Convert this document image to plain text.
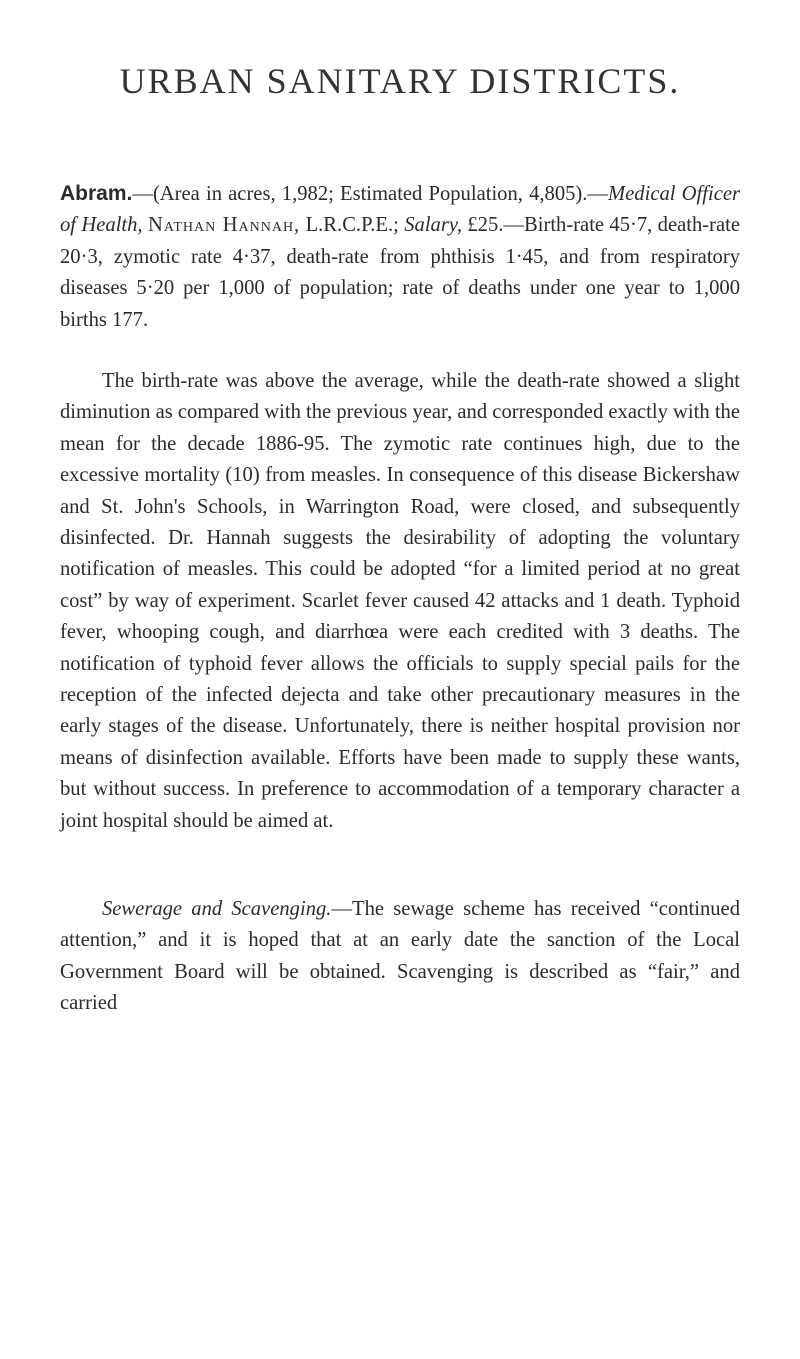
URBAN SANITARY DISTRICTS.

Abram.—(Area in acres, 1,982; Estimated Population, 4,805).—Medical Officer of Health, Nathan Hannah, L.R.C.P.E.; Salary, £25.—Birth-rate 45·7, death-rate 20·3, zymotic rate 4·37, death-rate from phthisis 1·45, and from respiratory diseases 5·20 per 1,000 of population; rate of deaths under one year to 1,000 births 177.

The birth-rate was above the average, while the death-rate showed a slight diminution as compared with the previous year, and corresponded exactly with the mean for the decade 1886-95. The zymotic rate continues high, due to the excessive mortality (10) from measles. In consequence of this disease Bickershaw and St. John's Schools, in Warrington Road, were closed, and subsequently disinfected. Dr. Hannah suggests the desirability of adopting the voluntary notification of measles. This could be adopted “for a limited period at no great cost” by way of experiment. Scarlet fever caused 42 attacks and 1 death. Typhoid fever, whooping cough, and diarrhœa were each credited with 3 deaths. The notification of typhoid fever allows the officials to supply special pails for the reception of the infected dejecta and take other precautionary measures in the early stages of the disease. Unfortunately, there is neither hospital provision nor means of disinfection available. Efforts have been made to supply these wants, but without success. In preference to accommodation of a temporary character a joint hospital should be aimed at.

Sewerage and Scavenging.—The sewage scheme has received “continued attention,” and it is hoped that at an early date the sanction of the Local Government Board will be obtained. Scavenging is described as “fair,” and carried
